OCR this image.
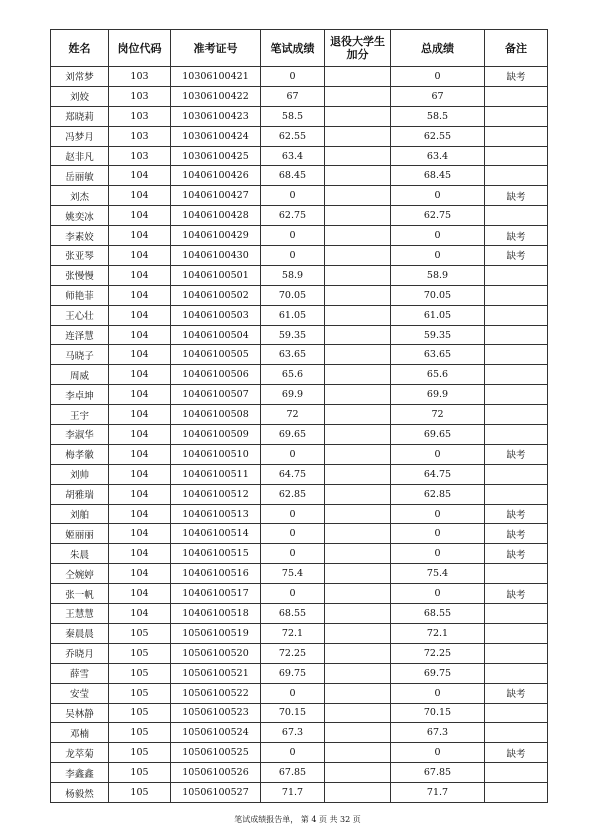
姓名	岗位代码	准考证号	笔试成绩	退役大学生加分	总成绩	备注
刘常梦	103	10306100421	0		0	缺考
刘姣	103	10306100422	67		67	
郑晓莉	103	10306100423	58.5		58.5	
冯梦月	103	10306100424	62.55		62.55	
赵非凡	103	10306100425	63.4		63.4	
岳丽敏	104	10406100426	68.45		68.45	
刘杰	104	10406100427	0		0	缺考
姚奕冰	104	10406100428	62.75		62.75	
李素姣	104	10406100429	0		0	缺考
张亚琴	104	10406100430	0		0	缺考
张慢慢	104	10406100501	58.9		58.9	
师艳菲	104	10406100502	70.05		70.05	
王心壮	104	10406100503	61.05		61.05	
连泽慧	104	10406100504	59.35		59.35	
马晓子	104	10406100505	63.65		63.65	
周威	104	10406100506	65.6		65.6	
李卓坤	104	10406100507	69.9		69.9	
王宇	104	10406100508	72		72	
李淑华	104	10406100509	69.65		69.65	
梅孝徽	104	10406100510	0		0	缺考
刘帅	104	10406100511	64.75		64.75	
胡雅瑞	104	10406100512	62.85		62.85	
刘舶	104	10406100513	0		0	缺考
姬丽丽	104	10406100514	0		0	缺考
朱晨	104	10406100515	0		0	缺考
仝婉婷	104	10406100516	75.4		75.4	
张一帆	104	10406100517	0		0	缺考
王慧慧	104	10406100518	68.55		68.55	
秦晨晨	105	10506100519	72.1		72.1	
乔晓月	105	10506100520	72.25		72.25	
薛雪	105	10506100521	69.75		69.75	
安莹	105	10506100522	0		0	缺考
吴林静	105	10506100523	70.15		70.15	
邓楠	105	10506100524	67.3		67.3	
龙萃菊	105	10506100525	0		0	缺考
李鑫鑫	105	10506100526	67.85		67.85	
杨毅然	105	10506100527	71.7		71.7	
笔试成绩报告单， 第 4 页 共 32 页
